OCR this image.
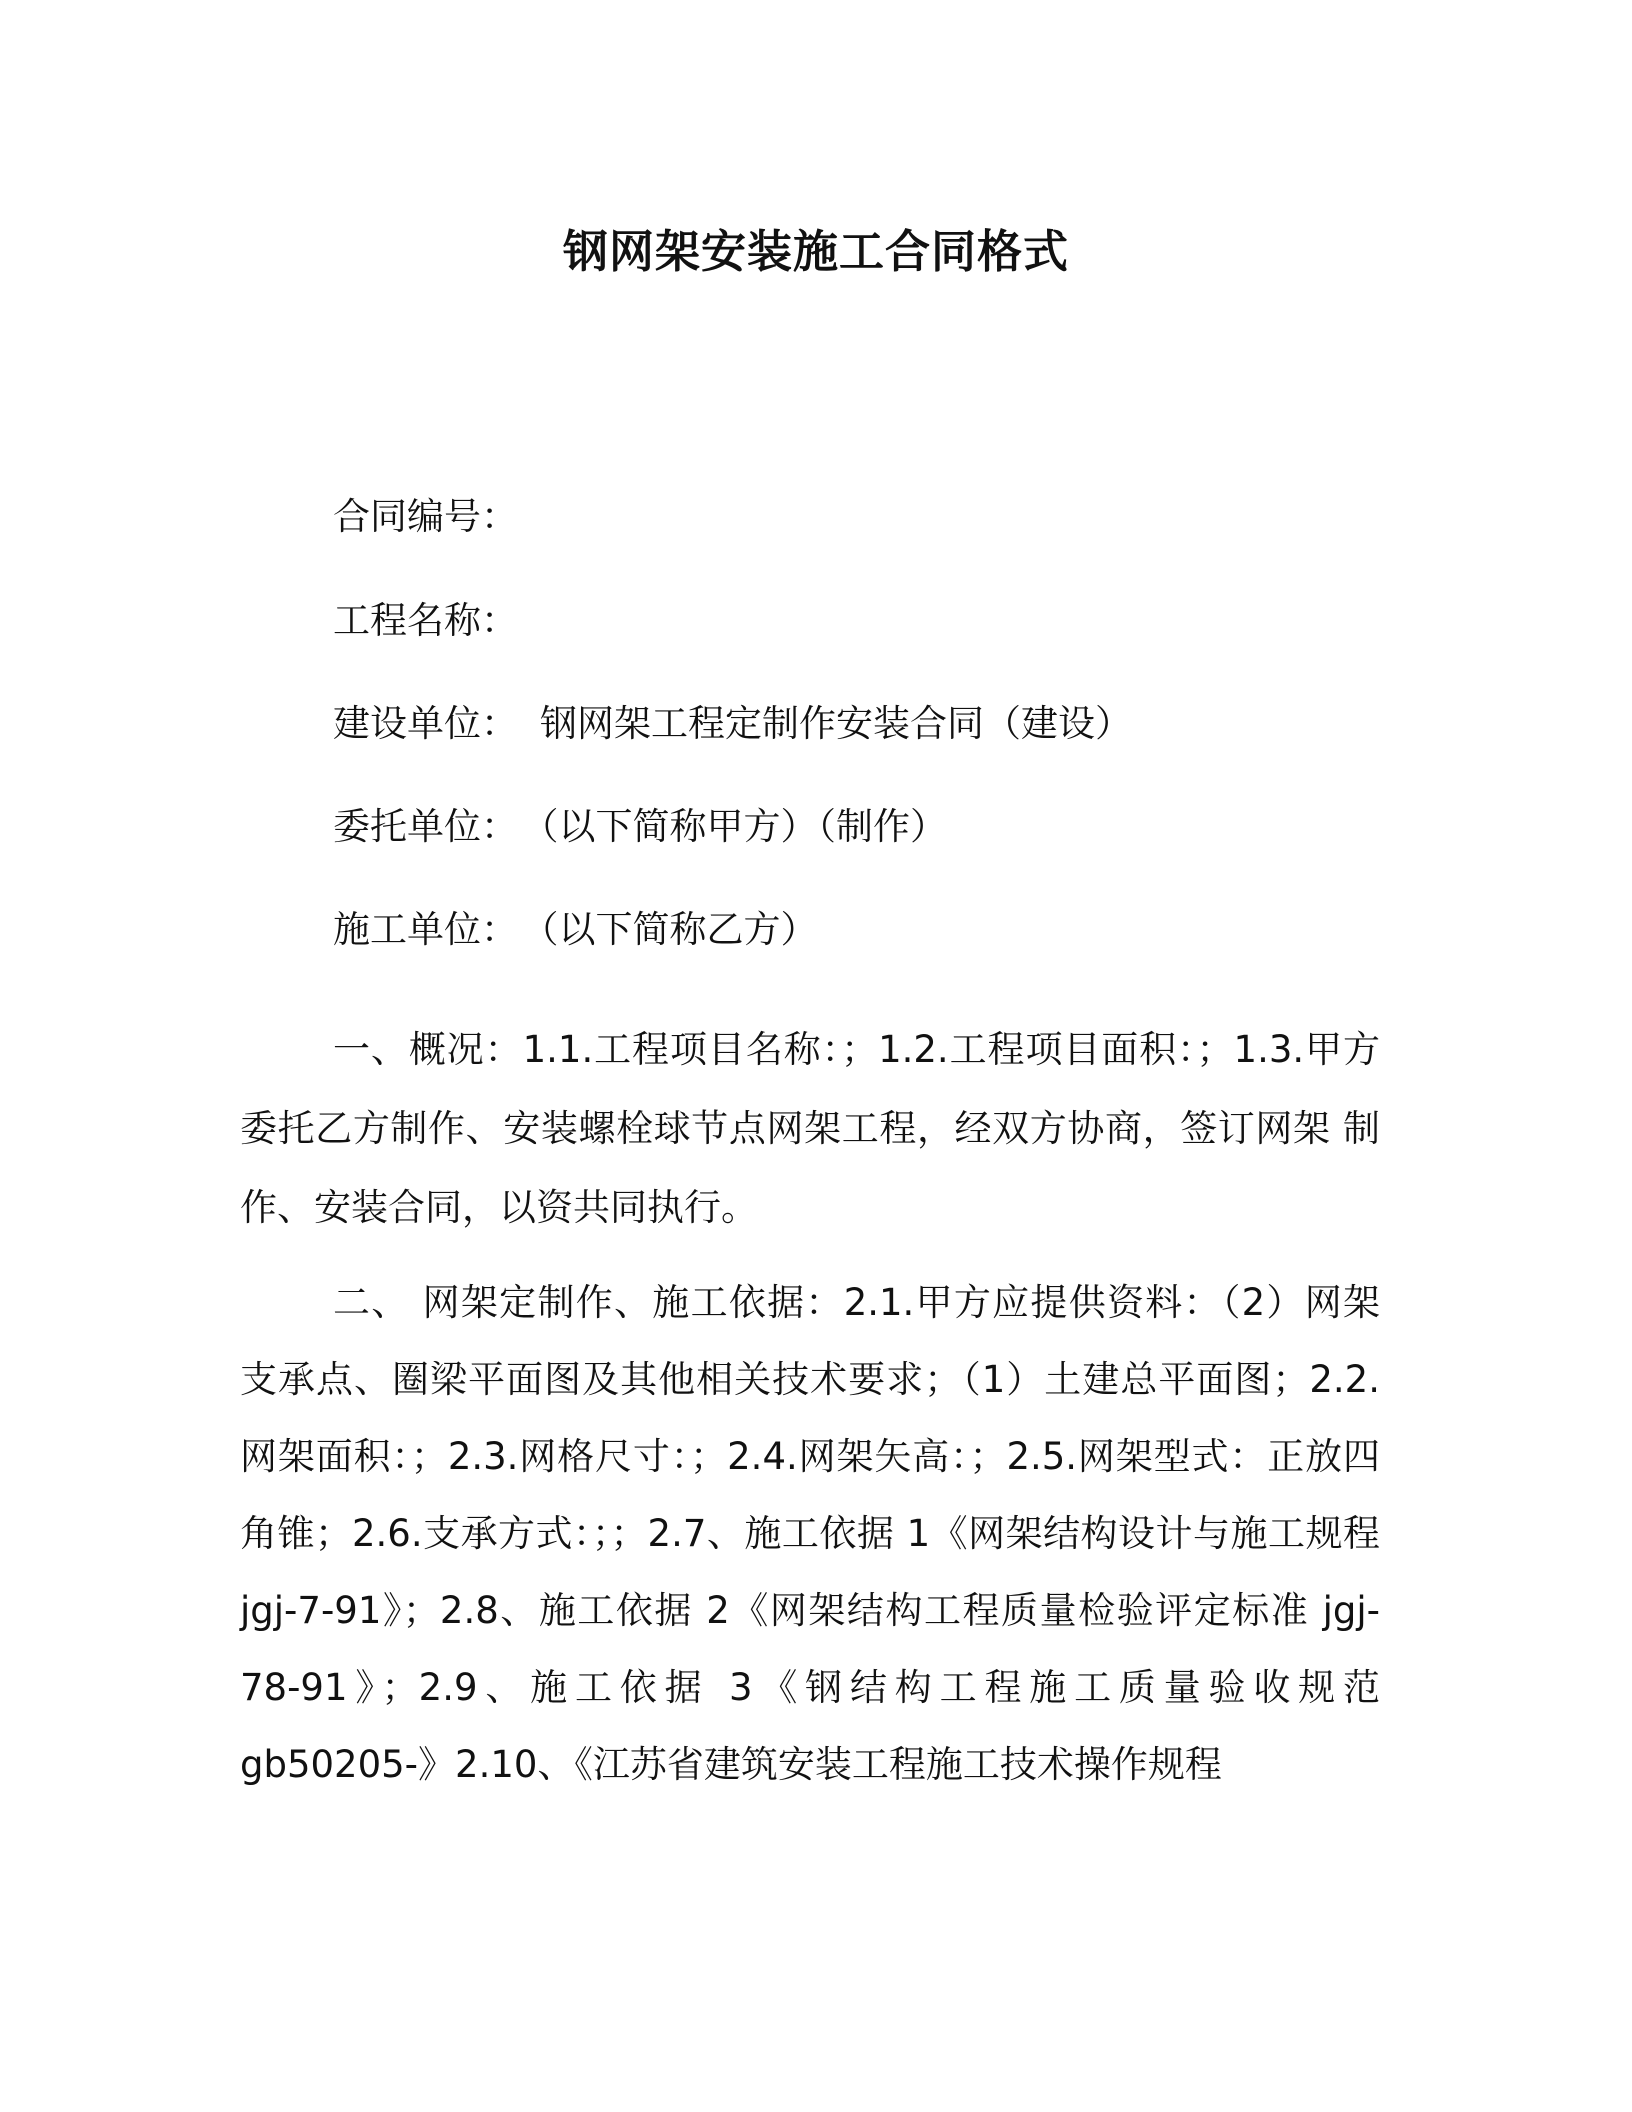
钢网架安装施工合同格式
合同编号：
工程名称：
建设单位： 钢网架工程定制作安装合同（建设）
委托单位： （以下简称甲方）（制作）
施工单位： （以下简称乙方）

一、概况：1.1.工程项目名称：；1.2.工程项目面积：；1.3.甲方委托乙方制作、安装螺栓球节点网架工程，经双方协商，签订网架 制作、安装合同，以资共同执行。

二、 网架定制作、施工依据：2.1.甲方应提供资料：（2）网架支承点、圈梁平面图及其他相关技术要求；（1）土建总平面图；2.2.网架面积：；2.3.网格尺寸：；2.4.网架矢高：；2.5.网架型式：正放四角锥；2.6.支承方式：；；2.7、施工依据 1《网架结构设计与施工规程 jgj-7-91》；2.8、施工依据 2《网架结构工程质量检验评定标准 jgj-78-91》；2.9、施工依据 3《钢结构工程施工质量验收规范 gb50205-》2.10、《江苏省建筑安装工程施工技术操作规程
